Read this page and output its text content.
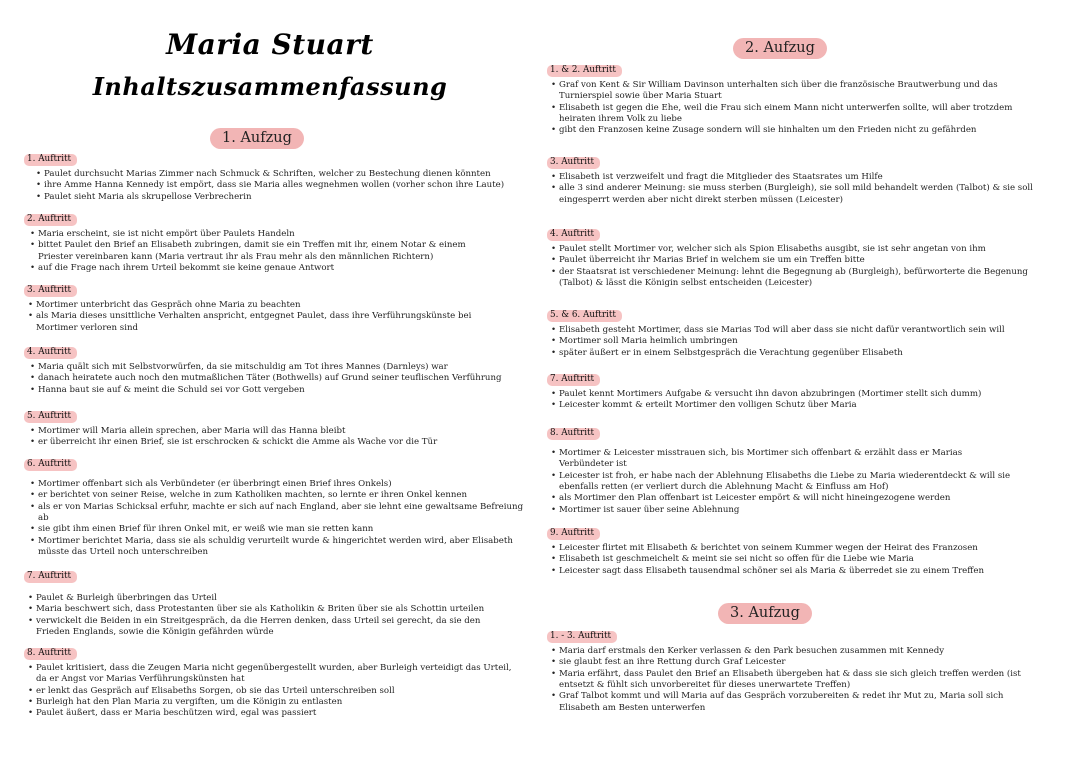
Maria Stuart
Inhaltszusammenfassung
1. Aufzug
2. Aufzug
3. Aufzug
1. Auftritt
• Paulet durchsucht Marias Zimmer nach Schmuck & Schriften, welcher zu Bestechung dienen könnten
• ihre Amme Hanna Kennedy ist empört, dass sie Maria alles wegnehmen wollen (vorher schon ihre Laute)
• Paulet sieht Maria als skrupellose Verbrecherin
2. Auftritt
• Maria erscheint, sie ist nicht empört über Paulets Handeln
• bittet Paulet den Brief an Elisabeth zubringen, damit sie ein Treffen mit ihr, einem Notar & einem Priester vereinbaren kann (Maria vertraut ihr als Frau mehr als den männlichen Richtern)
• auf die Frage nach ihrem Urteil bekommt sie keine genaue Antwort
3. Auftritt
• Mortimer unterbricht das Gespräch ohne Maria zu beachten
• als Maria dieses unsittliche Verhalten anspricht, entgegnet Paulet, dass ihre Verführungskünste bei Mortimer verloren sind
4. Auftritt
• Maria quält sich mit Selbstvorwürfen, da sie mitschuldig am Tot ihres Mannes (Darnleys) war
• danach heiratete auch noch den mutmaßlichen Täter (Bothwells) auf Grund seiner teuflischen Verführung
• Hanna baut sie auf & meint die Schuld sei vor Gott vergeben
5. Auftritt
• Mortimer will Maria allein sprechen, aber Maria will das Hanna bleibt
• er überreicht ihr einen Brief, sie ist erschrocken & schickt die Amme als Wache vor die Tür
6. Auftritt
• Mortimer offenbart sich als Verbündeter (er überbringt einen Brief ihres Onkels)
• er berichtet von seiner Reise, welche in zum Katholiken machten, so lernte er ihren Onkel kennen
• als er von Marias Schicksal erfuhr, machte er sich auf nach England, aber sie lehnt eine gewaltsame Befreiung ab
• sie gibt ihm einen Brief für ihren Onkel mit, er weiß wie man sie retten kann
• Mortimer berichtet Maria, dass sie als schuldig verurteilt wurde & hingerichtet werden wird, aber Elisabeth müsste das Urteil noch unterschreiben
7. Auftritt
• Paulet & Burleigh überbringen das Urteil
• Maria beschwert sich, dass Protestanten über sie als Katholikin & Briten über sie als Schottin urteilen
• verwickelt die Beiden in ein Streitgespräch, da die Herren denken, dass Urteil sei gerecht, da sie den Frieden Englands, sowie die Königin gefährden würde
8. Auftritt
• Paulet kritisiert, dass die Zeugen Maria nicht gegenübergestellt wurden, aber Burleigh verteidigt das Urteil, da er Angst vor Marias Verführungskünsten hat
• er lenkt das Gespräch auf Elisabeths Sorgen, ob sie das Urteil unterschreiben soll
• Burleigh hat den Plan Maria zu vergiften, um die Königin zu entlasten
• Paulet äußert, dass er Maria beschützen wird, egal was passiert
1. & 2. Auftritt
• Graf von Kent & Sir William Davinson unterhalten sich über die französische Brautwerbung und das Turnierspiel sowie über Maria Stuart
• Elisabeth ist gegen die Ehe, weil die Frau sich einem Mann nicht unterwerfen sollte, will aber trotzdem heiraten ihrem Volk zu liebe
• gibt den Franzosen keine Zusage sondern will sie hinhalten um den Frieden nicht zu gefährden
3. Auftritt
• Elisabeth ist verzweifelt und fragt die Mitglieder des Staatsrates um Hilfe
• alle 3 sind anderer Meinung: sie muss sterben (Burgleigh), sie soll mild behandelt werden (Talbot) & sie soll eingesperrt werden aber nicht direkt sterben müssen (Leicester)
4. Auftritt
• Paulet stellt Mortimer vor, welcher sich als Spion Elisabeths ausgibt, sie ist sehr angetan von ihm
• Paulet überreicht ihr Marias Brief in welchem sie um ein Treffen bitte
• der Staatsrat ist verschiedener Meinung: lehnt die Begegnung ab (Burgleigh), befürworterte die Begenung (Talbot) & lässt die Königin selbst entscheiden (Leicester)
5. & 6. Auftritt
• Elisabeth gesteht Mortimer, dass sie Marias Tod will aber dass sie nicht dafür verantwortlich sein will
• Mortimer soll Maria heimlich umbringen
• später äußert er in einem Selbstgespräch die Verachtung gegenüber Elisabeth
7. Auftritt
• Paulet kennt Mortimers Aufgabe & versucht ihn davon abzubringen (Mortimer stellt sich dumm)
• Leicester kommt & erteilt Mortimer den volligen Schutz über Maria
8. Auftritt
• Mortimer & Leicester misstrauen sich, bis Mortimer sich offenbart & erzählt dass er Marias Verbündeter ist
• Leicester ist froh, er habe nach der Ablehnung Elisabeths die Liebe zu Maria wiederentdeckt & will sie ebenfalls retten (er verliert durch die Ablehnung Macht & Einfluss am Hof)
• als Mortimer den Plan offenbart ist Leicester empört & will nicht hineingezogene werden
• Mortimer ist sauer über seine Ablehnung
9. Auftritt
• Leicester flirtet mit Elisabeth & berichtet von seinem Kummer wegen der Heirat des Franzosen
• Elisabeth ist geschmeichelt & meint sie sei nicht so offen für die Liebe wie Maria
• Leicester sagt dass Elisabeth tausendmal schöner sei als Maria & überredet sie zu einem Treffen
1. - 3. Auftritt
• Maria darf erstmals den Kerker verlassen & den Park besuchen zusammen mit Kennedy
• sie glaubt fest an ihre Rettung durch Graf Leicester
• Maria erfährt, dass Paulet den Brief an Elisabeth übergeben hat & dass sie sich gleich treffen werden (ist entsetzt & fühlt sich unvorbereitet für dieses unerwartete Treffen)
• Graf Talbot kommt und will Maria auf das Gespräch vorzubereiten & redet ihr Mut zu, Maria soll sich Elisabeth am Besten unterwerfen
